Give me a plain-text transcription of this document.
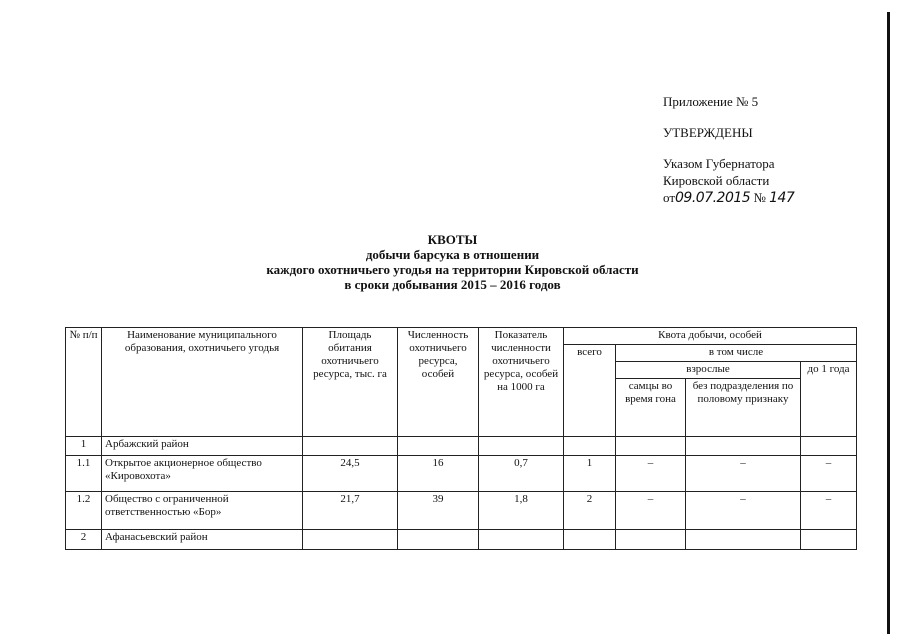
Приложение № 5
УТВЕРЖДЕНЫ
Указом Губернатора
Кировской области
от09.07.2015 № 147
КВОТЫ
добычи барсука в отношении
каждого охотничьего угодья на территории Кировской области
в сроки добывания 2015 – 2016 годов
№ п/п	Наименование муниципального образования, охотничьего угодья	Площадь обитания охотничьего ресурса, тыс. га	Численность охотничьего ресурса, особей	Показатель численности охотничьего ресурса, особей на 1000 га	Квота добычи, особей			
					всего	в том числе		
						взрослые		до 1 года
						самцы во время гона	без подразделения по половому признаку	
1	Арбажский район							
1.1	Открытое акционерное общество «Кировохота»	24,5	16	0,7	1	–	–	–
1.2	Общество с ограниченной ответственностью «Бор»	21,7	39	1,8	2	–	–	–
2	Афанасьевский район							
